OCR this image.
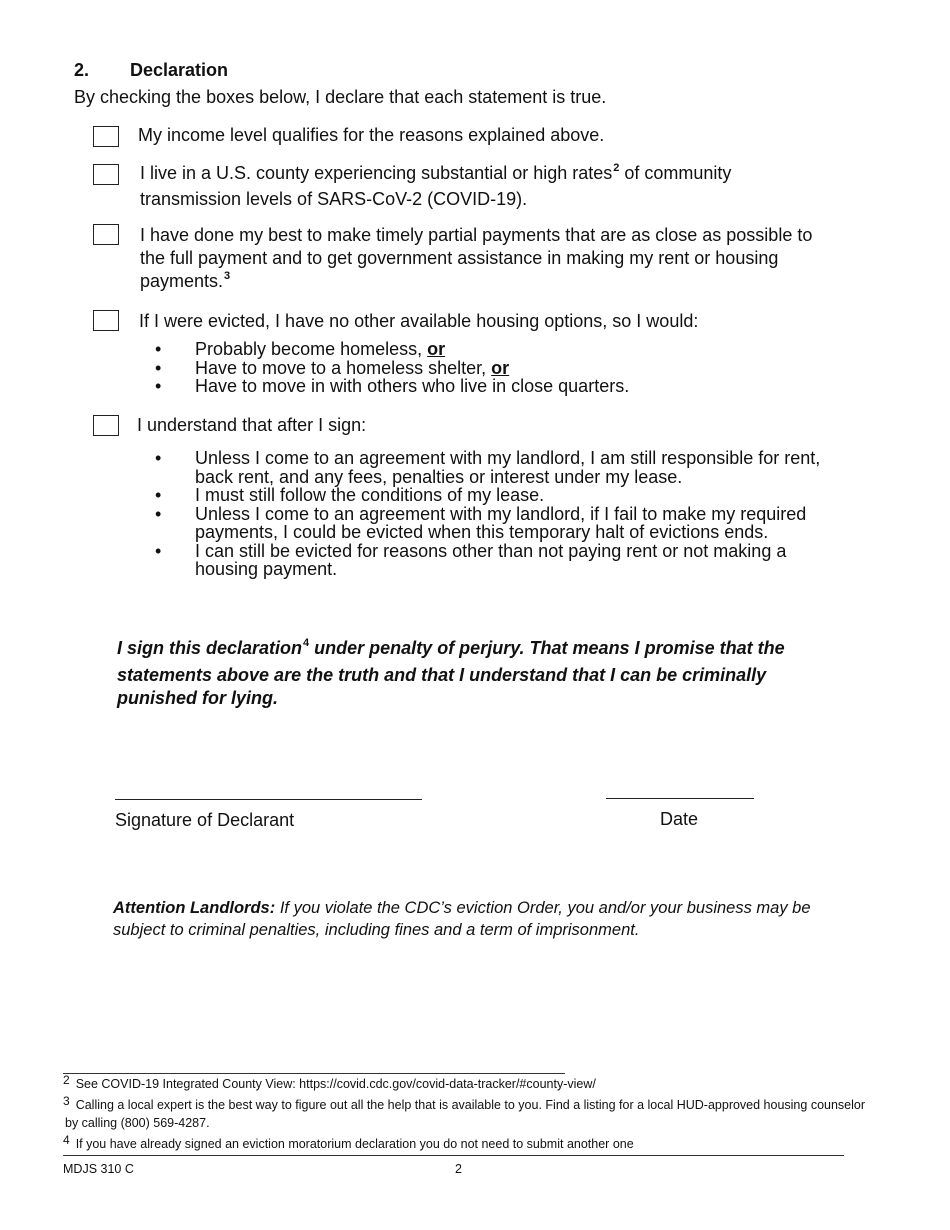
2. Declaration
By checking the boxes below, I declare that each statement is true.
My income level qualifies for the reasons explained above.
I live in a U.S. county experiencing substantial or high rates$^2$ of community
transmission levels of SARS-CoV-2 (COVID-19).
I have done my best to make timely partial payments that are as close as possible to
the full payment and to get government assistance in making my rent or housing
payments.$^3$
If I were evicted, I have no other available housing options, so I would:
• Probably become homeless, or
• Have to move to a homeless shelter, or
• Have to move in with others who live in close quarters.
I understand that after I sign:
• Unless I come to an agreement with my landlord, I am still responsible for rent,
back rent, and any fees, penalties or interest under my lease.
• I must still follow the conditions of my lease.
• Unless I come to an agreement with my landlord, if I fail to make my required
payments, I could be evicted when this temporary halt of evictions ends.
• I can still be evicted for reasons other than not paying rent or not making a
housing payment.
I sign this declaration$^4$ under penalty of perjury. That means I promise that the statements above are the truth and that I understand that I can be criminally punished for lying.
Signature of Declarant	Date
Attention Landlords: If you violate the CDC’s eviction Order, you and/or your business may be subject to criminal penalties, including fines and a term of imprisonment.
2 See COVID-19 Integrated County View: https://covid.cdc.gov/covid-data-tracker/#county-view/
3 Calling a local expert is the best way to figure out all the help that is available to you. Find a listing for a local HUD-approved housing counselor
by calling (800) 569-4287.
4 If you have already signed an eviction moratorium declaration you do not need to submit another one
MDJS 310 C	2
